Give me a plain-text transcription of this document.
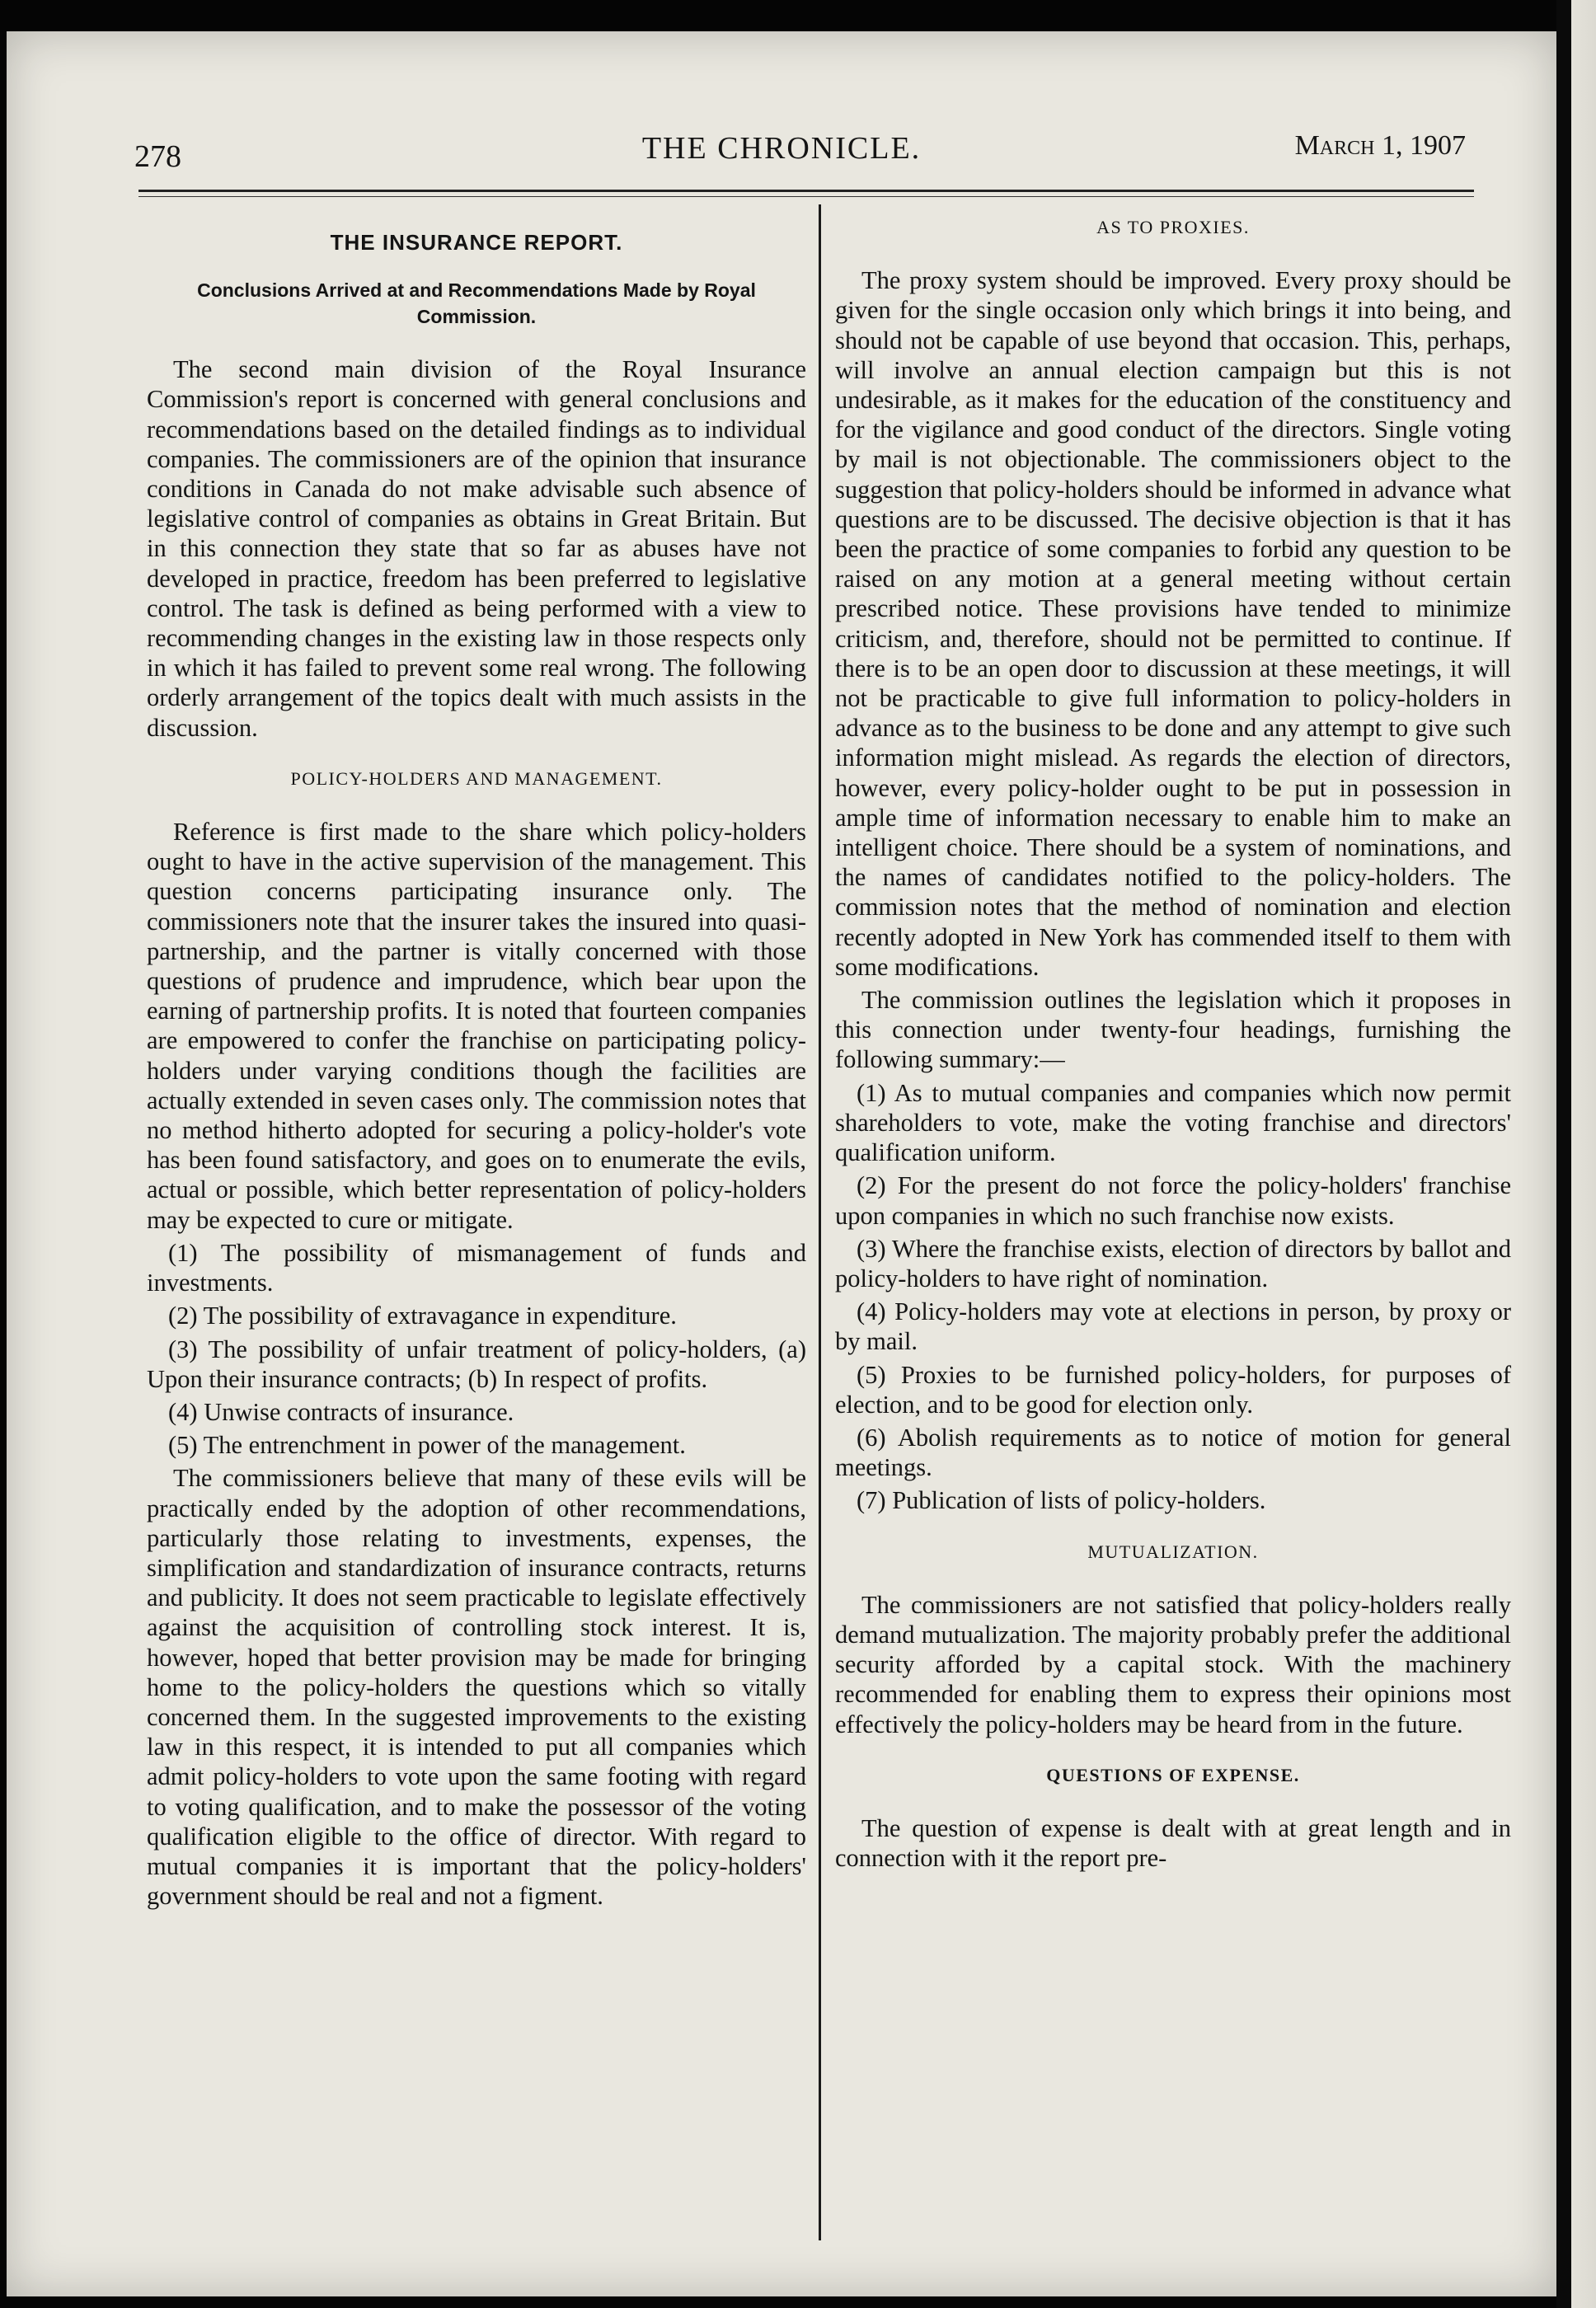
278	THE CHRONICLE.	March 1, 1907
THE INSURANCE REPORT.
Conclusions Arrived at and Recommendations Made by Royal Commission.

The second main division of the Royal Insurance Commission's report is concerned with general conclusions and recommendations based on the detailed findings as to individual companies. The commissioners are of the opinion that insurance conditions in Canada do not make advisable such absence of legislative control of companies as obtains in Great Britain. But in this connection they state that so far as abuses have not developed in practice, freedom has been preferred to legislative control. The task is defined as being performed with a view to recommending changes in the existing law in those respects only in which it has failed to prevent some real wrong. The following orderly arrangement of the topics dealt with much assists in the discussion.

POLICY-HOLDERS AND MANAGEMENT.

Reference is first made to the share which policy-holders ought to have in the active supervision of the management. This question concerns participating insurance only. The commissioners note that the insurer takes the insured into quasi-partnership, and the partner is vitally concerned with those questions of prudence and imprudence, which bear upon the earning of partnership profits. It is noted that fourteen companies are empowered to confer the franchise on participating policy-holders under varying conditions though the facilities are actually extended in seven cases only. The commission notes that no method hitherto adopted for securing a policy-holder's vote has been found satisfactory, and goes on to enumerate the evils, actual or possible, which better representation of policy-holders may be expected to cure or mitigate.

(1) The possibility of mismanagement of funds and investments.

(2) The possibility of extravagance in expenditure.

(3) The possibility of unfair treatment of policy-holders, (a) Upon their insurance contracts; (b) In respect of profits.

(4) Unwise contracts of insurance.

(5) The entrenchment in power of the management.

The commissioners believe that many of these evils will be practically ended by the adoption of other recommendations, particularly those relating to investments, expenses, the simplification and standardization of insurance contracts, returns and publicity. It does not seem practicable to legislate effectively against the acquisition of controlling stock interest. It is, however, hoped that better provision may be made for bringing home to the policy-holders the questions which so vitally concerned them. In the suggested improvements to the existing law in this respect, it is intended to put all companies which admit policy-holders to vote upon the same footing with regard to voting qualification, and to make the possessor of the voting qualification eligible to the office of director. With regard to mutual companies it is important that the policy-holders' government should be real and not a figment.

AS TO PROXIES.

The proxy system should be improved. Every proxy should be given for the single occasion only which brings it into being, and should not be capable of use beyond that occasion. This, perhaps, will involve an annual election campaign but this is not undesirable, as it makes for the education of the constituency and for the vigilance and good conduct of the directors. Single voting by mail is not objectionable. The commissioners object to the suggestion that policy-holders should be informed in advance what questions are to be discussed. The decisive objection is that it has been the practice of some companies to forbid any question to be raised on any motion at a general meeting without certain prescribed notice. These provisions have tended to minimize criticism, and, therefore, should not be permitted to continue. If there is to be an open door to discussion at these meetings, it will not be practicable to give full information to policy-holders in advance as to the business to be done and any attempt to give such information might mislead. As regards the election of directors, however, every policy-holder ought to be put in possession in ample time of information necessary to enable him to make an intelligent choice. There should be a system of nominations, and the names of candidates notified to the policy-holders. The commission notes that the method of nomination and election recently adopted in New York has commended itself to them with some modifications.

The commission outlines the legislation which it proposes in this connection under twenty-four headings, furnishing the following summary:—

(1) As to mutual companies and companies which now permit shareholders to vote, make the voting franchise and directors' qualification uniform.

(2) For the present do not force the policy-holders' franchise upon companies in which no such franchise now exists.

(3) Where the franchise exists, election of directors by ballot and policy-holders to have right of nomination.

(4) Policy-holders may vote at elections in person, by proxy or by mail.

(5) Proxies to be furnished policy-holders, for purposes of election, and to be good for election only.

(6) Abolish requirements as to notice of motion for general meetings.

(7) Publication of lists of policy-holders.

MUTUALIZATION.

The commissioners are not satisfied that policy-holders really demand mutualization. The majority probably prefer the additional security afforded by a capital stock. With the machinery recommended for enabling them to express their opinions most effectively the policy-holders may be heard from in the future.

QUESTIONS OF EXPENSE.

The question of expense is dealt with at great length and in connection with it the report pre-
